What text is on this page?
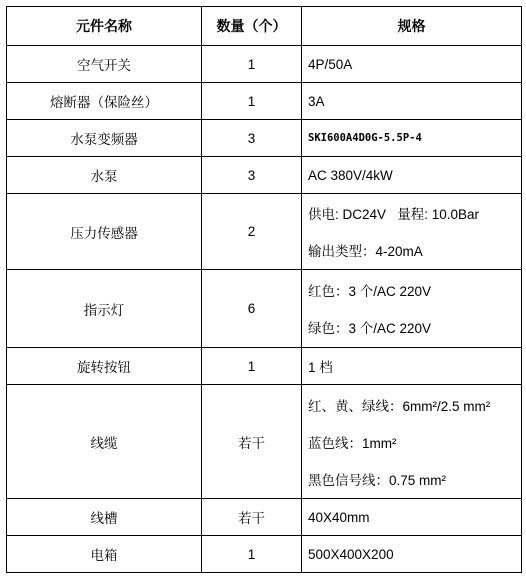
元件名称	数量（个）	规格
空气开关	1	4P/50A

熔断器（保险丝）	1	3A

水泵变频器	3	SKI600A4D0G-5.5P-4

水泵	3	AC 380V/4kW

压力传感器	2	供电: DC24V   量程: 10.0Bar
输出类型：4-20mA

指示灯	6	红色：3 个/AC 220V
绿色：3 个/AC 220V

旋转按钮	1	1 档

线缆	若干	红、黄、绿线：6mm²/2.5 mm²
蓝色线：1mm²
黑色信号线：0.75 mm²

线槽	若干	40X40mm

电箱	1	500X400X200
